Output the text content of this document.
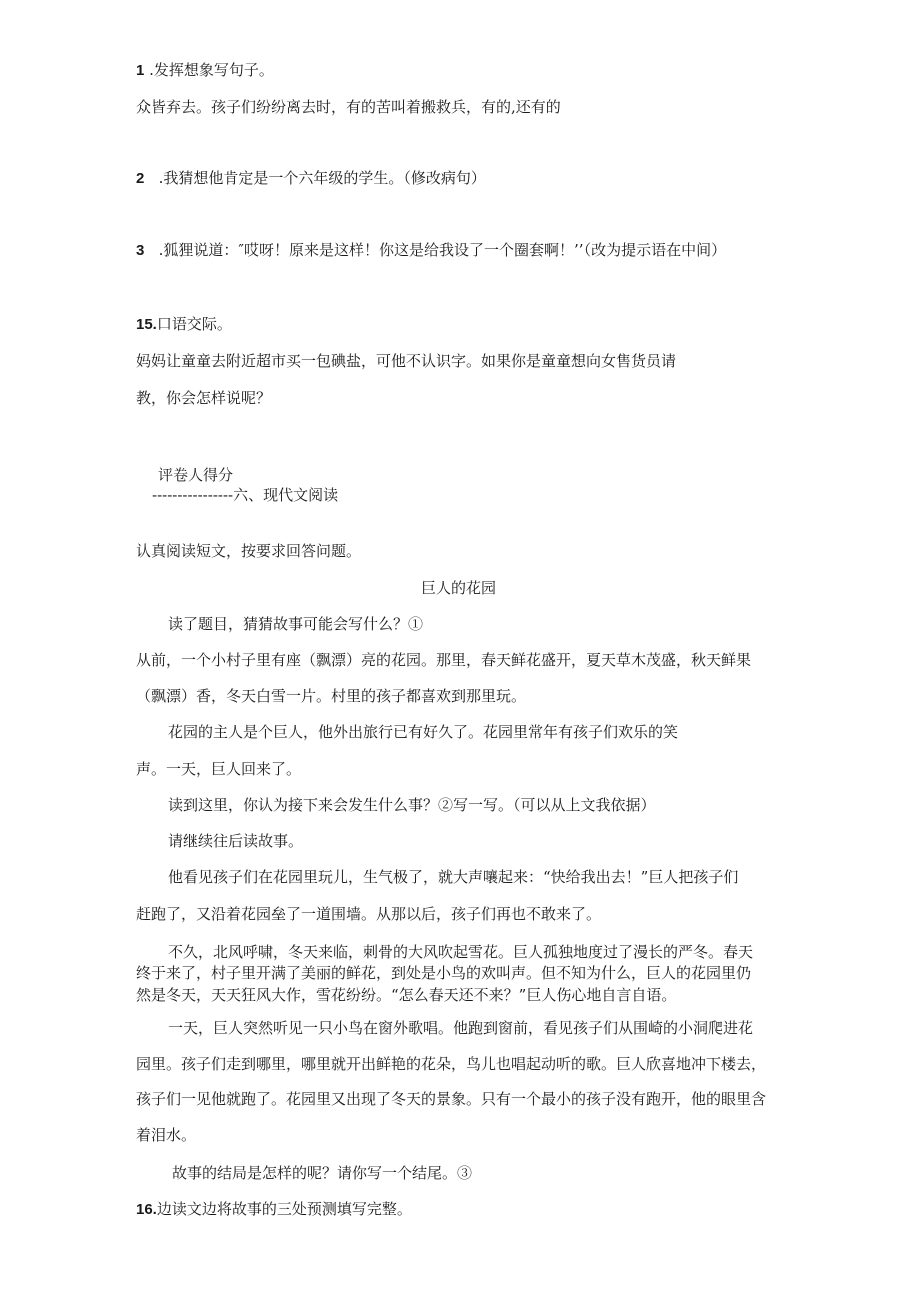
1 .发挥想象写句子。

众皆弃去。孩子们纷纷离去时，有的苦叫着搬救兵，有的,还有的

2 .我猜想他肯定是一个六年级的学生。（修改病句）

3 .狐狸说道：″哎呀！原来是这样！你这是给我设了一个圈套啊！’’（改为提示语在中间）

15.口语交际。

妈妈让童童去附近超市买一包碘盐，可他不认识字。如果你是童童想向女售货员请

教，你会怎样说呢？

评卷人得分

----------------六、现代文阅读

认真阅读短文，按要求回答问题。

巨人的花园

读了题目，猜猜故事可能会写什么？①

从前，一个小村子里有座（飘漂）亮的花园。那里，春天鲜花盛开，夏天草木茂盛，秋天鲜果

（飘漂）香，冬天白雪一片。村里的孩子都喜欢到那里玩。

花园的主人是个巨人，他外出旅行已有好久了。花园里常年有孩子们欢乐的笑

声。一天，巨人回来了。

读到这里，你认为接下来会发生什么事？②写一写。（可以从上文我依据）

请继续往后读故事。

他看见孩子们在花园里玩儿，生气极了，就大声嚷起来：“快给我出去！”巨人把孩子们

赶跑了，又沿着花园垒了一道围墙。从那以后，孩子们再也不敢来了。

不久，北风呼啸，冬天来临，刺骨的大风吹起雪花。巨人孤独地度过了漫长的严冬。春天

终于来了，村子里开满了美丽的鲜花，到处是小鸟的欢叫声。但不知为什么，巨人的花园里仍

然是冬天，天天狂风大作，雪花纷纷。“怎么春天还不来？”巨人伤心地自言自语。

一天，巨人突然听见一只小鸟在窗外歌唱。他跑到窗前，看见孩子们从围崎的小洞爬进花

园里。孩子们走到哪里，哪里就开出鲜艳的花朵，鸟儿也唱起动听的歌。巨人欣喜地冲下楼去，

孩子们一见他就跑了。花园里又出现了冬天的景象。只有一个最小的孩子没有跑开，他的眼里含

着泪水。

故事的结局是怎样的呢？请你写一个结尾。③

16.边读文边将故事的三处预测填写完整。
